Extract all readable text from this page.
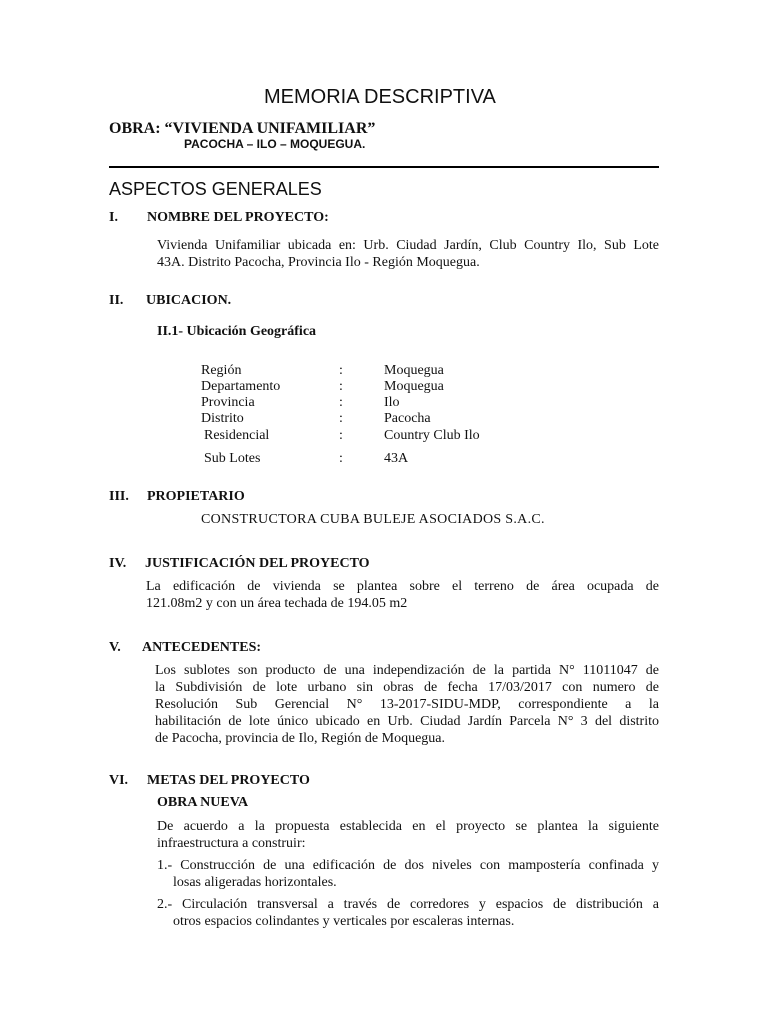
MEMORIA DESCRIPTIVA
OBRA: “VIVIENDA UNIFAMILIAR”
PACOCHA – ILO – MOQUEGUA.
ASPECTOS GENERALES
I. NOMBRE DEL PROYECTO:
Vivienda Unifamiliar ubicada en: Urb. Ciudad Jardín, Club Country Ilo, Sub Lote
43A. Distrito Pacocha, Provincia Ilo - Región Moquegua.
II. UBICACION.
II.1- Ubicación Geográfica
Región	:	Moquegua
Departamento	:	Moquegua
Provincia	:	Ilo
Distrito	:	Pacocha
Residencial	:	Country Club Ilo
Sub Lotes	:	43A
III. PROPIETARIO
CONSTRUCTORA CUBA BULEJE ASOCIADOS S.A.C.
IV. JUSTIFICACIÓN DEL PROYECTO
La edificación de vivienda se plantea sobre el terreno de área ocupada de
121.08m2 y con un área techada de 194.05 m2
V. ANTECEDENTES:
Los sublotes son producto de una independización de la partida N° 11011047 de
la Subdivisión de lote urbano sin obras de fecha 17/03/2017 con numero de
Resolución Sub Gerencial N° 13-2017-SIDU-MDP, correspondiente a la
habilitación de lote único ubicado en Urb. Ciudad Jardín Parcela N° 3 del distrito
de Pacocha, provincia de Ilo, Región de Moquegua.
VI. METAS DEL PROYECTO
OBRA NUEVA
De acuerdo a la propuesta establecida en el proyecto se plantea la siguiente
infraestructura a construir:
1.- Construcción de una edificación de dos niveles con mampostería confinada y
losas aligeradas horizontales.
2.- Circulación transversal a través de corredores y espacios de distribución a
otros espacios colindantes y verticales por escaleras internas.
